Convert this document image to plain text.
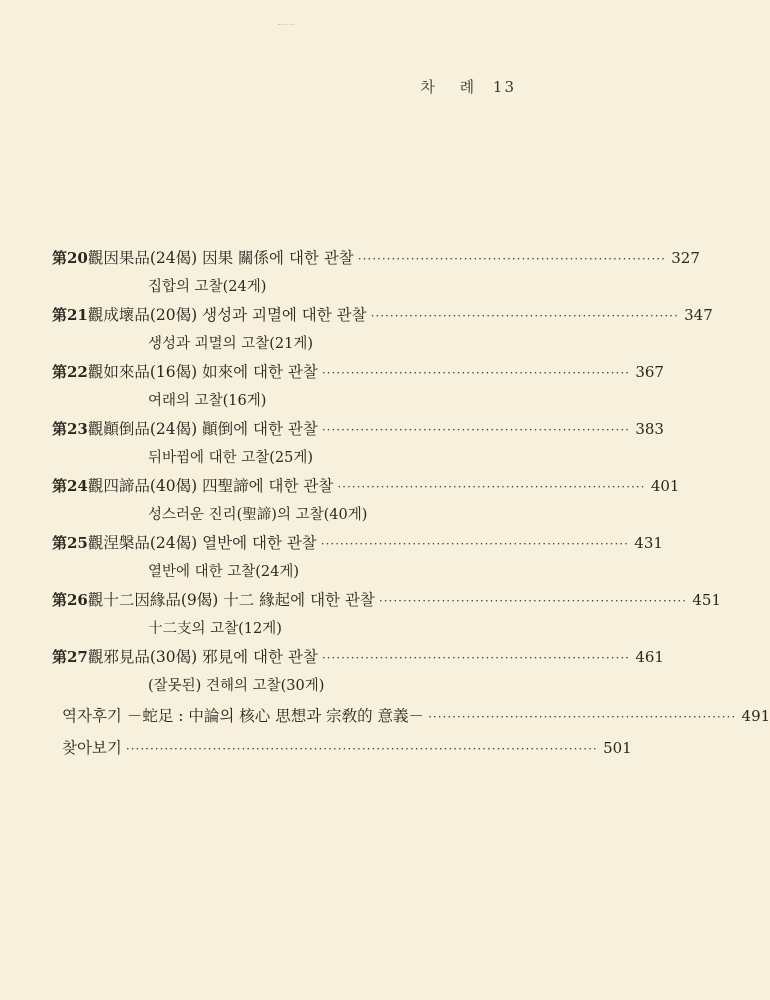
차 례 13
第20 觀因果品(24偈) 因果 關係에 대한 관찰 ································································ 327
집합의 고찰(24게)
第21 觀成壞品(20偈) 생성과 괴멸에 대한 관찰 ································································ 347
생성과 괴멸의 고찰(21게)
第22 觀如來品(16偈) 如來에 대한 관찰 ································································ 367
여래의 고찰(16게)
第23 觀顚倒品(24偈) 顚倒에 대한 관찰 ································································ 383
뒤바뀜에 대한 고찰(25게)
第24 觀四諦品(40偈) 四聖諦에 대한 관찰 ································································ 401
성스러운 진리(聖諦)의 고찰(40게)
第25 觀涅槃品(24偈) 열반에 대한 관찰 ································································ 431
열반에 대한 고찰(24게)
第26 觀十二因緣品(9偈) 十二 緣起에 대한 관찰 ································································ 451
十二支의 고찰(12게)
第27 觀邪見品(30偈) 邪見에 대한 관찰 ································································ 461
(잘못된) 견해의 고찰(30게)
역자후기 －蛇足 : 中論의 核心 思想과 宗敎的 意義－ ································································ 491
찾아보기 ·································································································· 501
